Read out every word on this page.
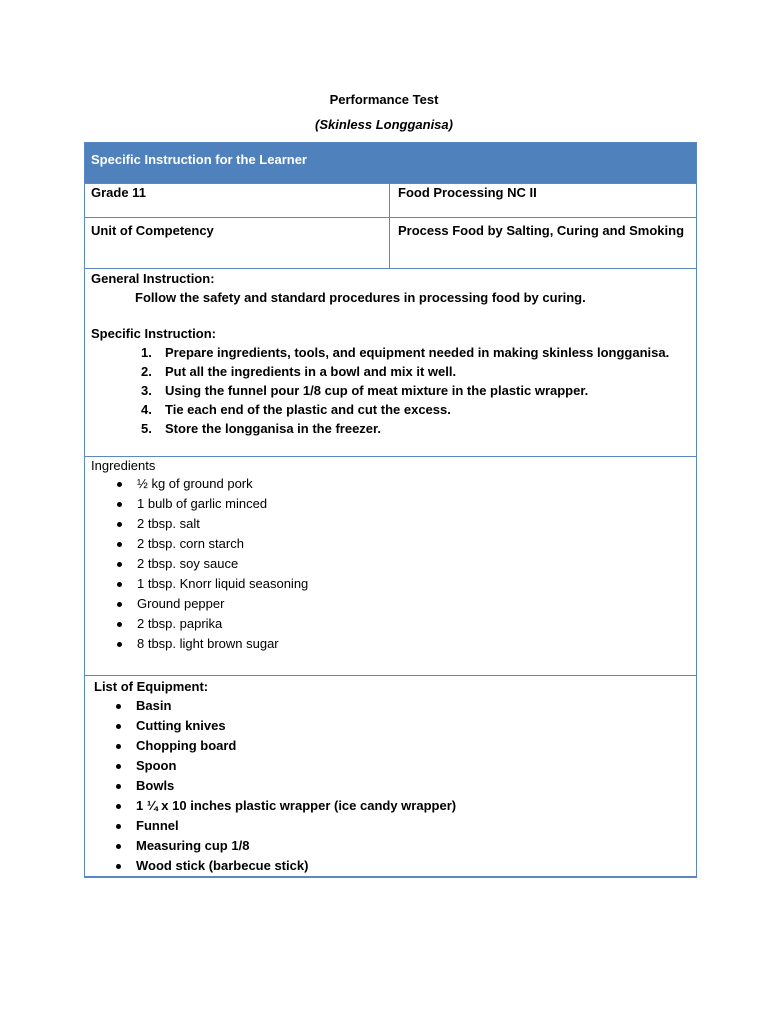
Performance Test
(Skinless Longganisa)
Specific Instruction for the Learner
Grade 11	Food Processing NC II
Unit of Competency	Process Food by Salting, Curing and Smoking
General Instruction:
Follow the safety and standard procedures in processing food by curing.
Specific Instruction:
1. Prepare ingredients, tools, and equipment needed in making skinless longganisa.
2. Put all the ingredients in a bowl and mix it well.
3. Using the funnel pour 1/8 cup of meat mixture in the plastic wrapper.
4. Tie each end of the plastic and cut the excess.
5. Store the longganisa in the freezer.
Ingredients
½ kg of ground pork
1 bulb of garlic minced
2 tbsp. salt
2 tbsp. corn starch
2 tbsp. soy sauce
1 tbsp. Knorr liquid seasoning
Ground pepper
2 tbsp. paprika
8 tbsp. light brown sugar
List of Equipment:
Basin
Cutting knives
Chopping board
Spoon
Bowls
1 ¼ x 10 inches plastic wrapper (ice candy wrapper)
Funnel
Measuring cup 1/8
Wood stick (barbecue stick)
